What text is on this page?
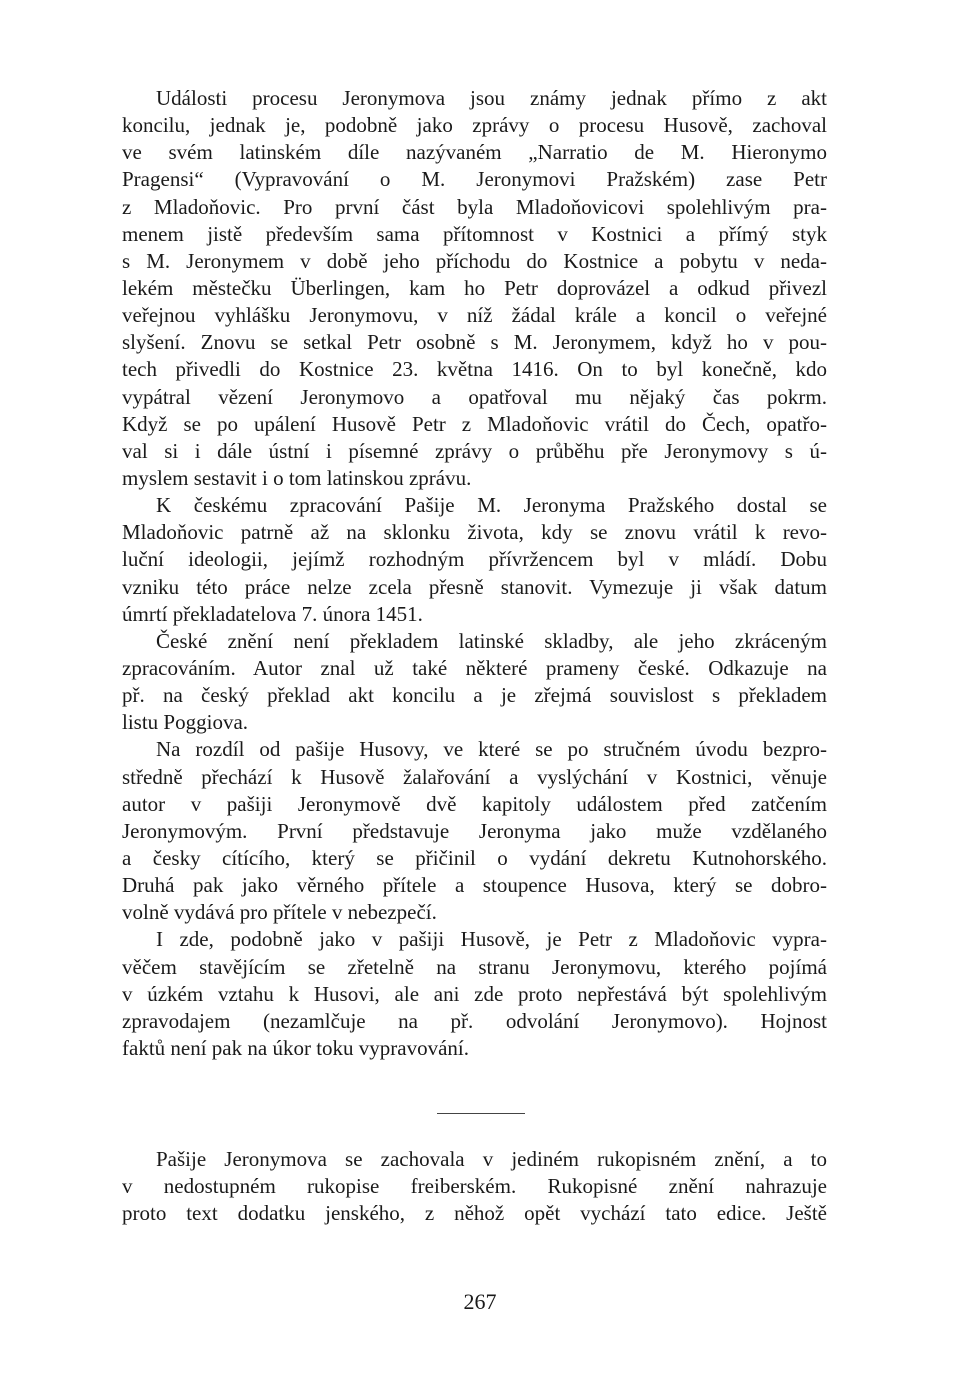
Události procesu Jeronymova jsou známy jednak přímo z akt
koncilu, jednak je, podobně jako zprávy o procesu Husově, zachoval
ve svém latinském díle nazývaném „Narratio de M. Hieronymo
Pragensi“ (Vypravování o M. Jeronymovi Pražském) zase Petr
z Mladoňovic. Pro první část byla Mladoňovicovi spolehlivým pra-
menem jistě především sama přítomnost v Kostnici a přímý styk
s M. Jeronymem v době jeho příchodu do Kostnice a pobytu v neda-
lekém městečku Überlingen, kam ho Petr doprovázel a odkud přivezl
veřejnou vyhlášku Jeronymovu, v níž žádal krále a koncil o veřejné
slyšení. Znovu se setkal Petr osobně s M. Jeronymem, když ho v pou-
tech přivedli do Kostnice 23. května 1416. On to byl konečně, kdo
vypátral vězení Jeronymovo a opatřoval mu nějaký čas pokrm.
Když se po upálení Husově Petr z Mladoňovic vrátil do Čech, opatřo-
val si i dále ústní i písemné zprávy o průběhu pře Jeronymovy s ú-
myslem sestavit i o tom latinskou zprávu.
K českému zpracování Pašije M. Jeronyma Pražského dostal se
Mladoňovic patrně až na sklonku života, kdy se znovu vrátil k revo-
luční ideologii, jejímž rozhodným přívržencem byl v mládí. Dobu
vzniku této práce nelze zcela přesně stanovit. Vymezuje ji však datum
úmrtí překladatelova 7. února 1451.
České znění není překladem latinské skladby, ale jeho zkráceným
zpracováním. Autor znal už také některé prameny české. Odkazuje na
př. na český překlad akt koncilu a je zřejmá souvislost s překladem
listu Poggiova.
Na rozdíl od pašije Husovy, ve které se po stručném úvodu bezpro-
středně přechází k Husově žalařování a vyslýchání v Kostnici, věnuje
autor v pašiji Jeronymově dvě kapitoly událostem před zatčením
Jeronymovým. První představuje Jeronyma jako muže vzdělaného
a česky cítícího, který se přičinil o vydání dekretu Kutnohorského.
Druhá pak jako věrného přítele a stoupence Husova, který se dobro-
volně vydává pro přítele v nebezpečí.
I zde, podobně jako v pašiji Husově, je Petr z Mladoňovic vypra-
věčem stavějícím se zřetelně na stranu Jeronymovu, kterého pojímá
v úzkém vztahu k Husovi, ale ani zde proto nepřestává být spolehlivým
zpravodajem (nezamlčuje na př. odvolání Jeronymovo). Hojnost
faktů není pak na úkor toku vypravování.
Pašije Jeronymova se zachovala v jediném rukopisném znění, a to
v nedostupném rukopise freiberském. Rukopisné znění nahrazuje
proto text dodatku jenského, z něhož opět vychází tato edice. Ještě
267
